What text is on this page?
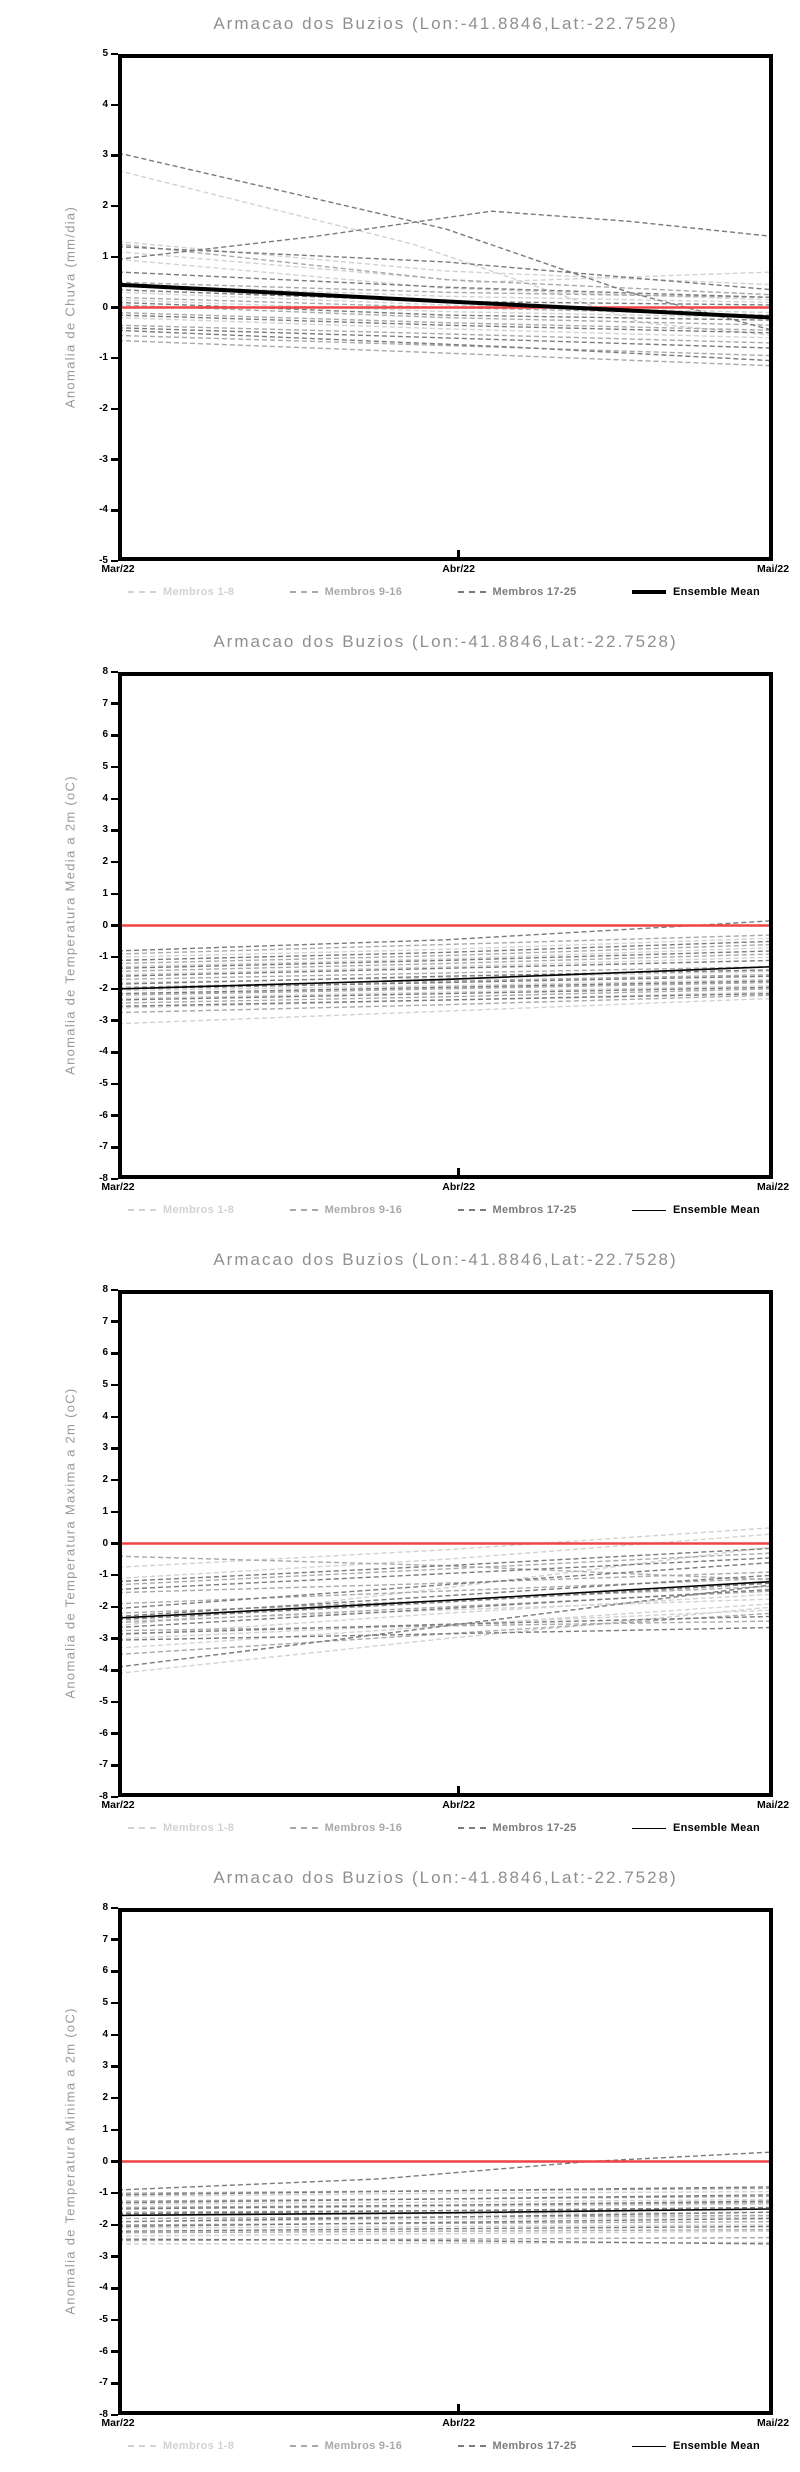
Armacao dos Buzios (Lon:-41.8846,Lat:-22.7528)
Anomalia de Chuva (mm/dia)
5
4
3
2
1
0
-1
-2
-3
-4
-5
Mar/22	Abr/22	Mai/22
Membros 1-8	Membros 9-16	Membros 17-25	Ensemble Mean
Armacao dos Buzios (Lon:-41.8846,Lat:-22.7528)
Anomalia de Temperatura Media a 2m (oC)
8
7
6
5
4
3
2
1
0
-1
-2
-3
-4
-5
-6
-7
-8
Mar/22	Abr/22	Mai/22
Membros 1-8	Membros 9-16	Membros 17-25	Ensemble Mean
Armacao dos Buzios (Lon:-41.8846,Lat:-22.7528)
Anomalia de Temperatura Maxima a 2m (oC)
8
7
6
5
4
3
2
1
0
-1
-2
-3
-4
-5
-6
-7
-8
Mar/22	Abr/22	Mai/22
Membros 1-8	Membros 9-16	Membros 17-25	Ensemble Mean
Armacao dos Buzios (Lon:-41.8846,Lat:-22.7528)
Anomalia de Temperatura Minima a 2m (oC)
8
7
6
5
4
3
2
1
0
-1
-2
-3
-4
-5
-6
-7
-8
Mar/22	Abr/22	Mai/22
Membros 1-8	Membros 9-16	Membros 17-25	Ensemble Mean
